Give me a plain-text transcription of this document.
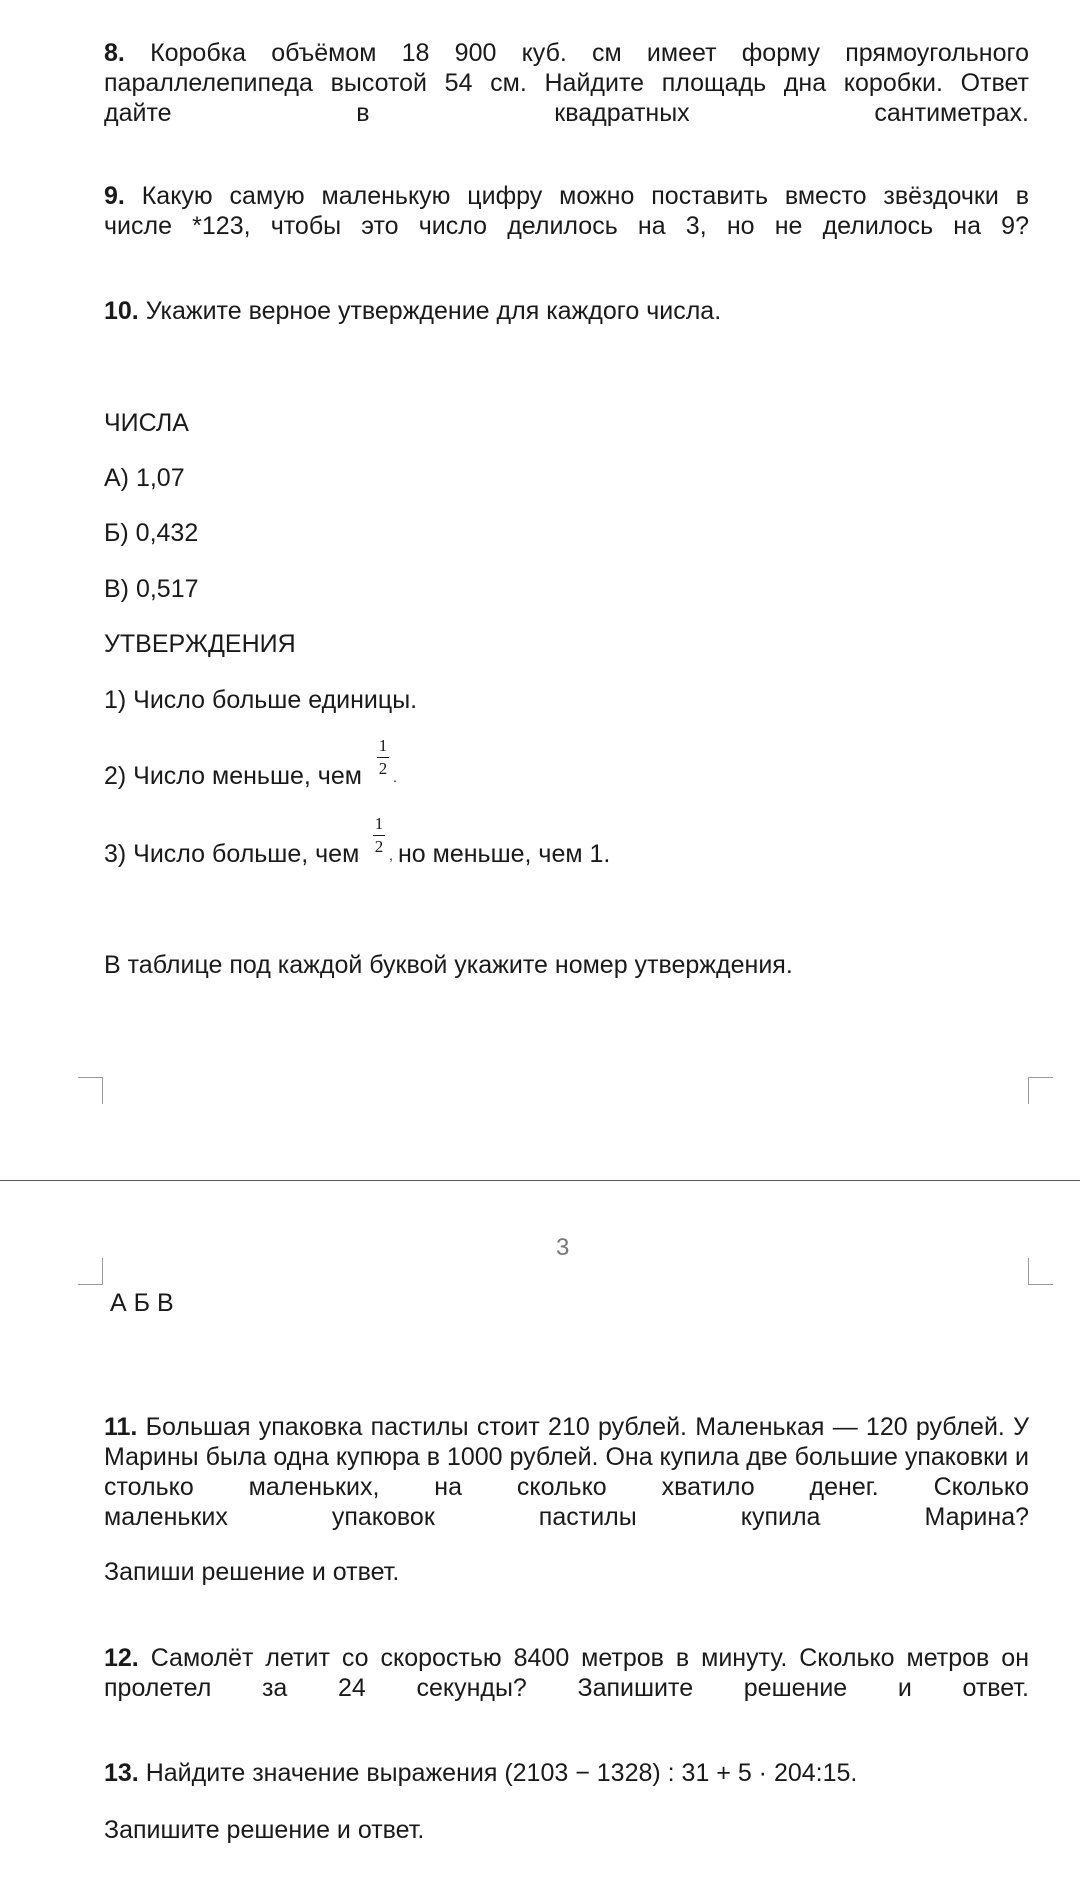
8. Коробка объёмом 18 900 куб. см имеет форму прямоугольного параллелепипеда высотой 54 см. Найдите площадь дна коробки. Ответ
дайте в квадратных сантиметрах.
9. Какую самую маленькую цифру можно поставить вместо звёздочки в
числе *123, чтобы это число делилось на 3, но не делилось на 9?
10. Укажите верное утверждение для каждого числа.
ЧИСЛА
А) 1,07
Б) 0,432
В) 0,517
УТВЕРЖДЕНИЯ
1) Число больше единицы.
2) Число меньше, чем
1
2 .
3) Число больше, чем
1
2 , но меньше, чем 1.
В таблице под каждой буквой укажите номер утверждения.
3
А Б В
11. Большая упаковка пастилы стоит 210 рублей. Маленькая — 120 рублей. У Марины была одна купюра в 1000 рублей. Она купила две большие упаковки и столько маленьких, на сколько хватило денег. Сколько
маленьких упаковок пастилы купила Марина?
Запиши решение и ответ.
12. Самолёт летит со скоростью 8400 метров в минуту. Сколько метров он
пролетел за 24 секунды? Запишите решение и ответ.
13. Найдите значение выражения (2103 − 1328) : 31 + 5 · 204:15.
Запишите решение и ответ.
